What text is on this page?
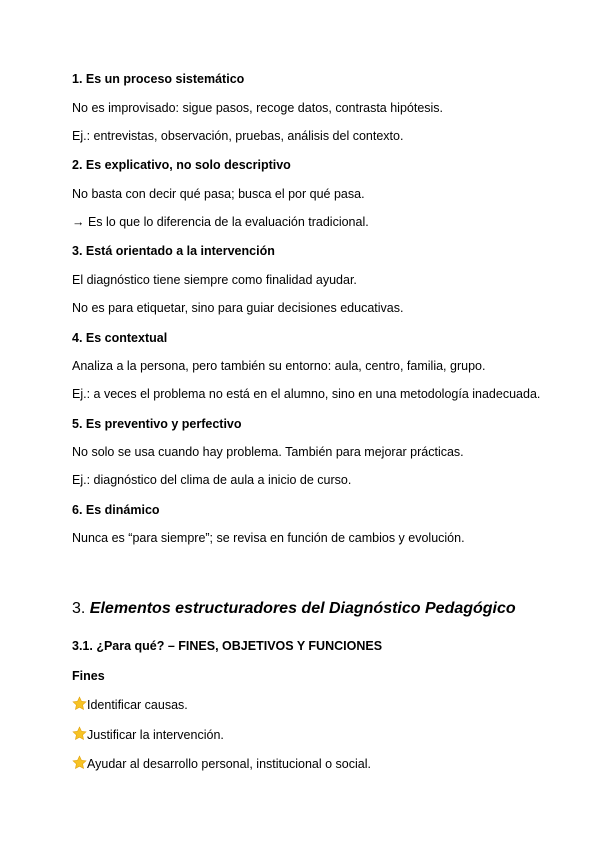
1. Es un proceso sistemático
No es improvisado: sigue pasos, recoge datos, contrasta hipótesis.
Ej.: entrevistas, observación, pruebas, análisis del contexto.
2. Es explicativo, no solo descriptivo
No basta con decir qué pasa; busca el por qué pasa.
→ Es lo que lo diferencia de la evaluación tradicional.
3. Está orientado a la intervención
El diagnóstico tiene siempre como finalidad ayudar.
No es para etiquetar, sino para guiar decisiones educativas.
4. Es contextual
Analiza a la persona, pero también su entorno: aula, centro, familia, grupo.
Ej.: a veces el problema no está en el alumno, sino en una metodología inadecuada.
5. Es preventivo y perfectivo
No solo se usa cuando hay problema. También para mejorar prácticas.
Ej.: diagnóstico del clima de aula a inicio de curso.
6. Es dinámico
Nunca es “para siempre”; se revisa en función de cambios y evolución.
3. Elementos estructuradores del Diagnóstico Pedagógico
3.1. ¿Para qué? – FINES, OBJETIVOS Y FUNCIONES
Fines
Identificar causas.
Justificar la intervención.
Ayudar al desarrollo personal, institucional o social.
